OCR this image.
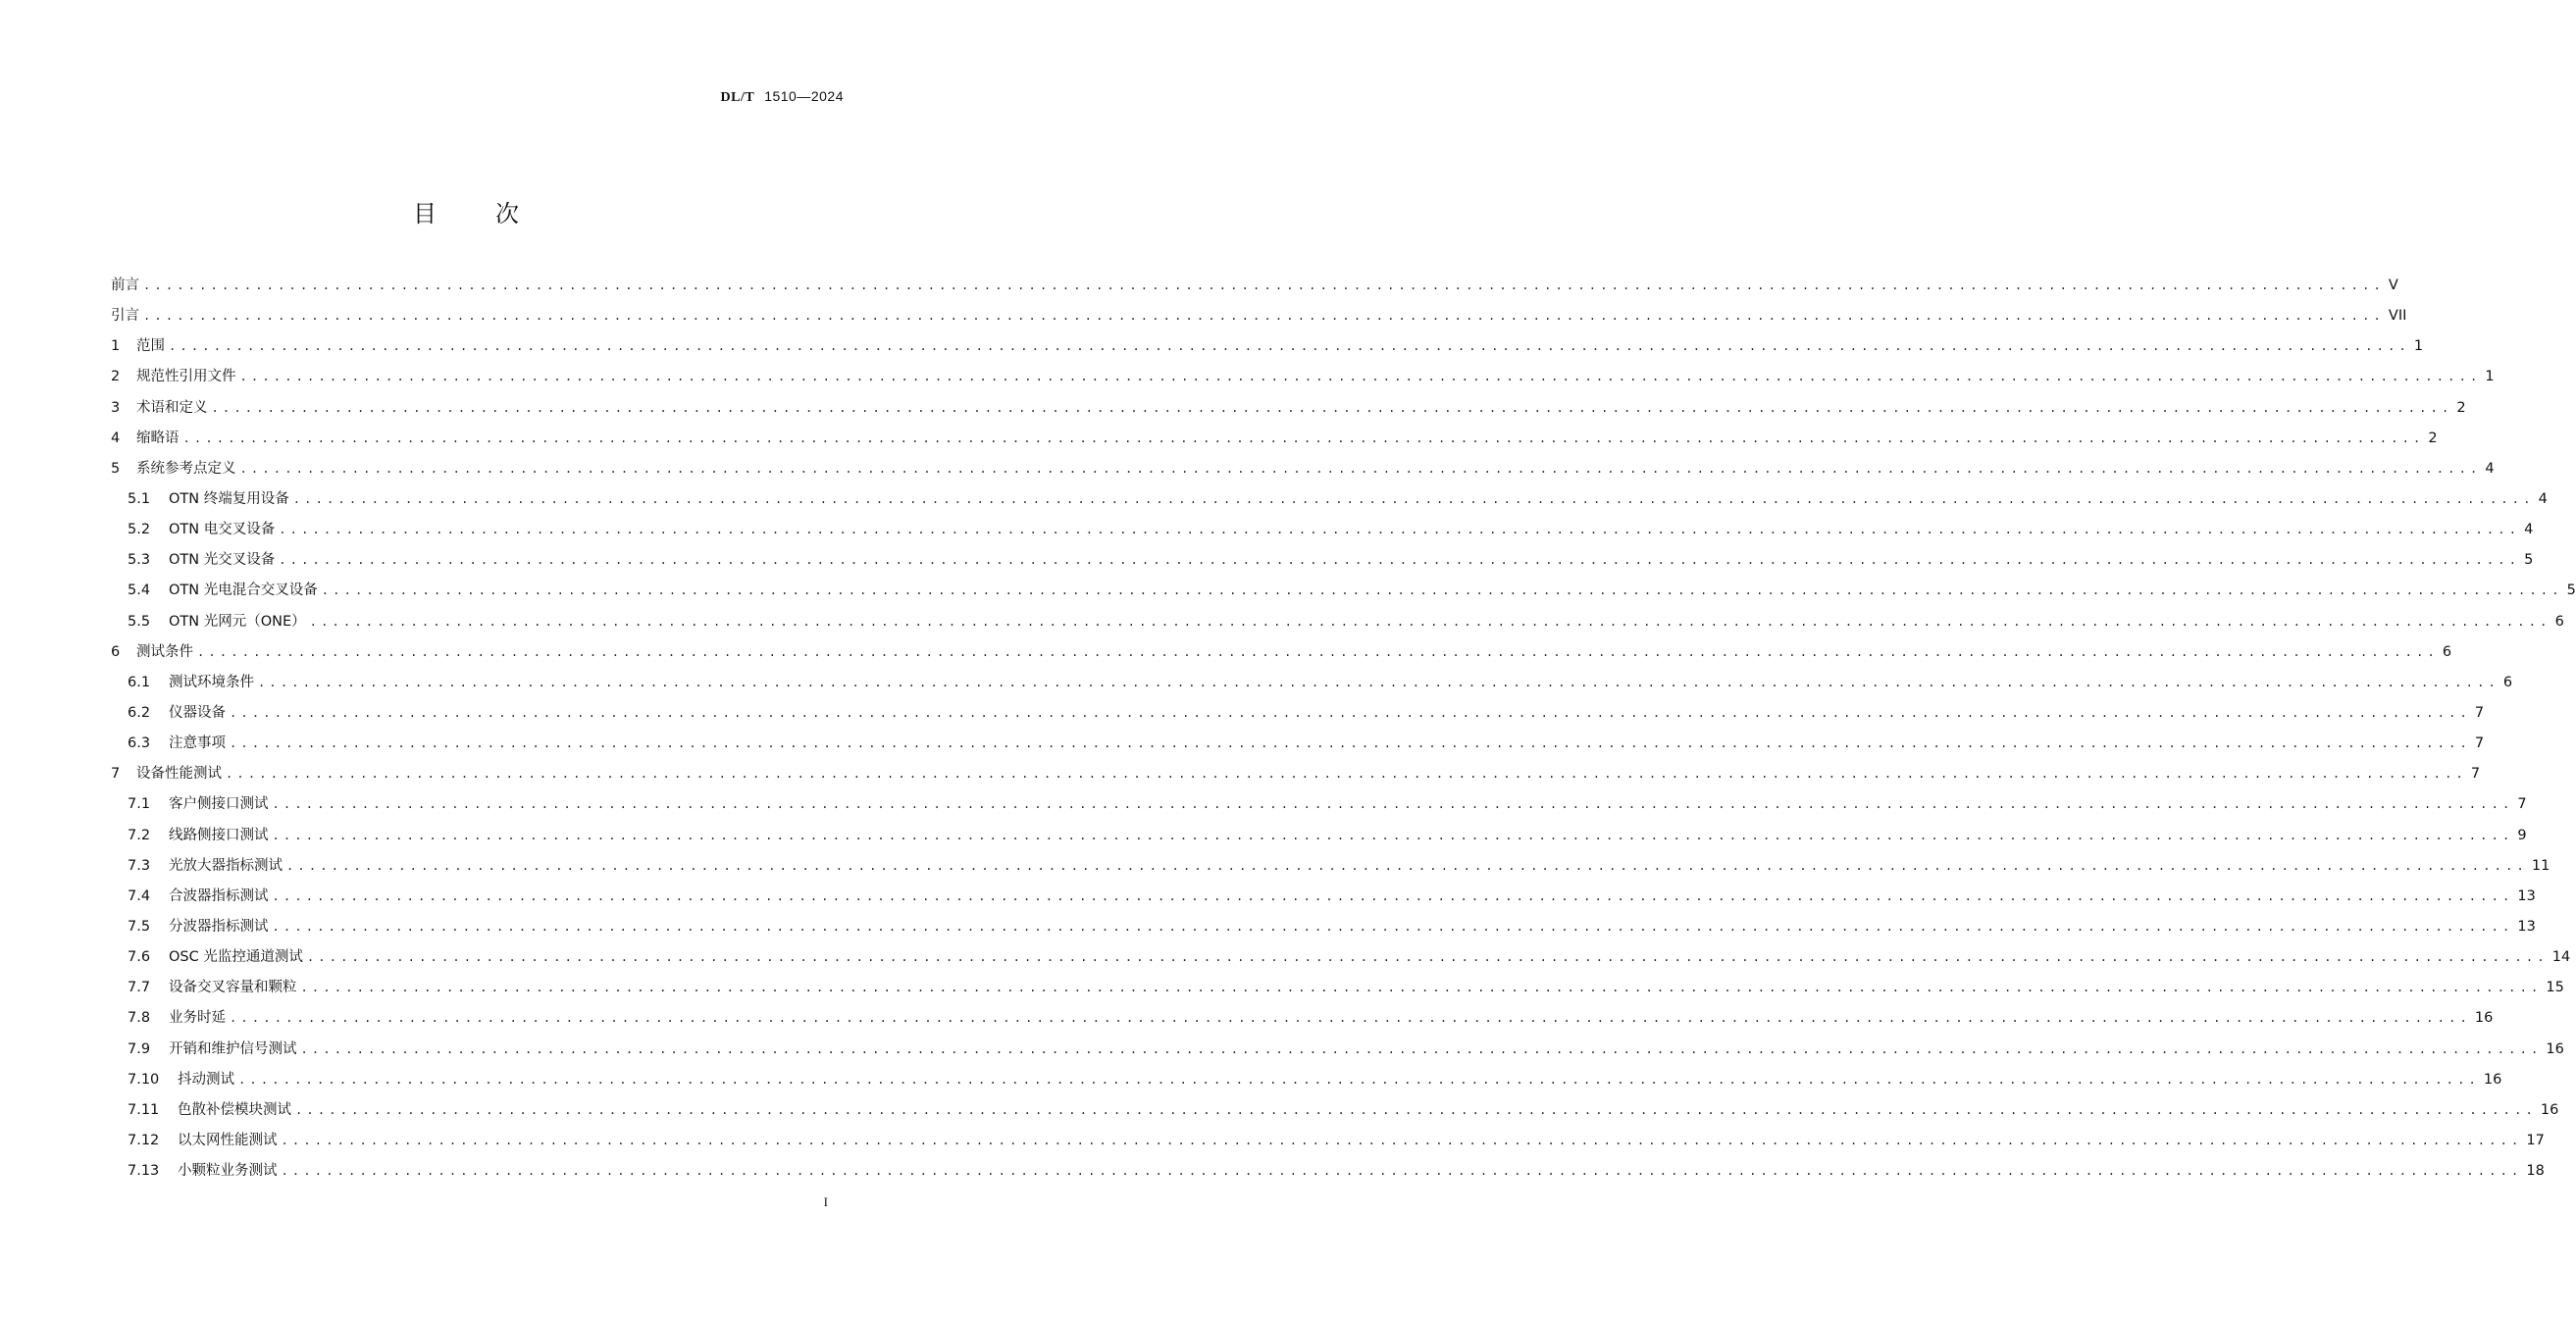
DL/T 1510—2024
目次
前言 ........................................................................................................................................................................................................ V
引言 ........................................................................................................................................................................................................ VII
1	范围 ........................................................................................................................................................................................................ 1
2	规范性引用文件 ........................................................................................................................................................................................................ 1
3	术语和定义 ........................................................................................................................................................................................................ 2
4	缩略语 ........................................................................................................................................................................................................ 2
5	系统参考点定义 ........................................................................................................................................................................................................ 4
5.1	OTN 终端复用设备 ........................................................................................................................................................................................................ 4
5.2	OTN 电交叉设备 ........................................................................................................................................................................................................ 4
5.3	OTN 光交叉设备 ........................................................................................................................................................................................................ 5
5.4	OTN 光电混合交叉设备 ........................................................................................................................................................................................................ 5
5.5	OTN 光网元（ONE） ........................................................................................................................................................................................................ 6
6	测试条件 ........................................................................................................................................................................................................ 6
6.1	测试环境条件 ........................................................................................................................................................................................................ 6
6.2	仪器设备 ........................................................................................................................................................................................................ 7
6.3	注意事项 ........................................................................................................................................................................................................ 7
7	设备性能测试 ........................................................................................................................................................................................................ 7
7.1	客户侧接口测试 ........................................................................................................................................................................................................ 7
7.2	线路侧接口测试 ........................................................................................................................................................................................................ 9
7.3	光放大器指标测试 ........................................................................................................................................................................................................ 11
7.4	合波器指标测试 ........................................................................................................................................................................................................ 13
7.5	分波器指标测试 ........................................................................................................................................................................................................ 13
7.6	OSC 光监控通道测试 ........................................................................................................................................................................................................ 14
7.7	设备交叉容量和颗粒 ........................................................................................................................................................................................................ 15
7.8	业务时延 ........................................................................................................................................................................................................ 16
7.9	开销和维护信号测试 ........................................................................................................................................................................................................ 16
7.10	抖动测试 ........................................................................................................................................................................................................ 16
7.11	色散补偿模块测试 ........................................................................................................................................................................................................ 16
7.12	以太网性能测试 ........................................................................................................................................................................................................ 17
7.13	小颗粒业务测试 ........................................................................................................................................................................................................ 18
I
